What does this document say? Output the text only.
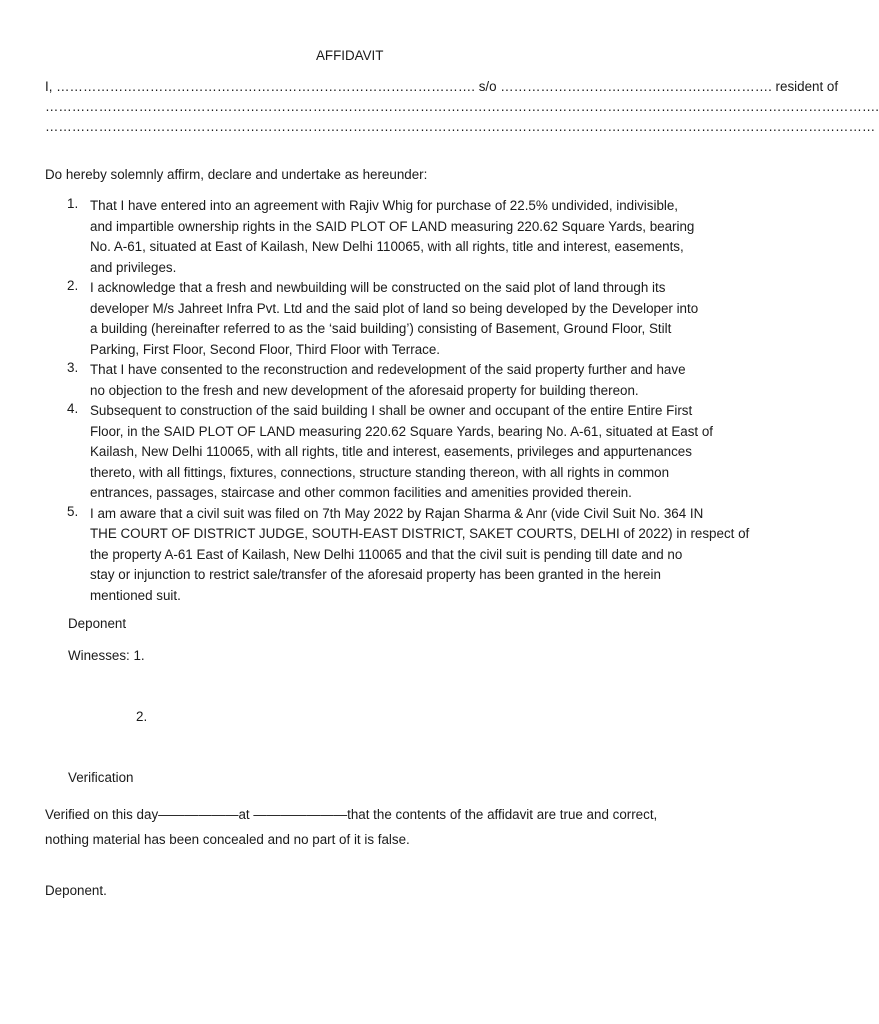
AFFIDAVIT
I, …………………………………………………………………………………. s/o ……………………………………………………. resident of
…………………………………………………………………………………………………………………………………………………………………….
……………………………………………………………………………………………………………………………………………………………………
Do hereby solemnly affirm, declare and undertake as hereunder:
1. That I have entered into an agreement with Rajiv Whig for purchase of 22.5% undivided, indivisible,
and impartible ownership rights in the SAID PLOT OF LAND measuring 220.62 Square Yards, bearing
No. A-61, situated at East of Kailash, New Delhi 110065, with all rights, title and interest, easements,
and privileges.
2. I acknowledge that a fresh and newbuilding will be constructed on the said plot of land through its
developer M/s Jahreet Infra Pvt. Ltd and the said plot of land so being developed by the Developer into
a building (hereinafter referred to as the ‘said building’) consisting of Basement, Ground Floor, Stilt
Parking, First Floor, Second Floor, Third Floor with Terrace.
3. That I have consented to the reconstruction and redevelopment of the said property further and have
no objection to the fresh and new development of the aforesaid property for building thereon.
4. Subsequent to construction of the said building I shall be owner and occupant of the entire Entire First
Floor, in the SAID PLOT OF LAND measuring 220.62 Square Yards, bearing No. A-61, situated at East of
Kailash, New Delhi 110065, with all rights, title and interest, easements, privileges and appurtenances
thereto, with all fittings, fixtures, connections, structure standing thereon, with all rights in common
entrances, passages, staircase and other common facilities and amenities provided therein.
5. I am aware that a civil suit was filed on 7th May 2022 by Rajan Sharma & Anr (vide Civil Suit No. 364 IN
THE COURT OF DISTRICT JUDGE, SOUTH-EAST DISTRICT, SAKET COURTS, DELHI of 2022) in respect of
the property A-61 East of Kailash, New Delhi 110065 and that the civil suit is pending till date and no
stay or injunction to restrict sale/transfer of the aforesaid property has been granted in the herein
mentioned suit.
Deponent
Winesses: 1.
2.
Verification
Verified on this day——————at ———————that the contents of the affidavit are true and correct,
nothing material has been concealed and no part of it is false.
Deponent.
